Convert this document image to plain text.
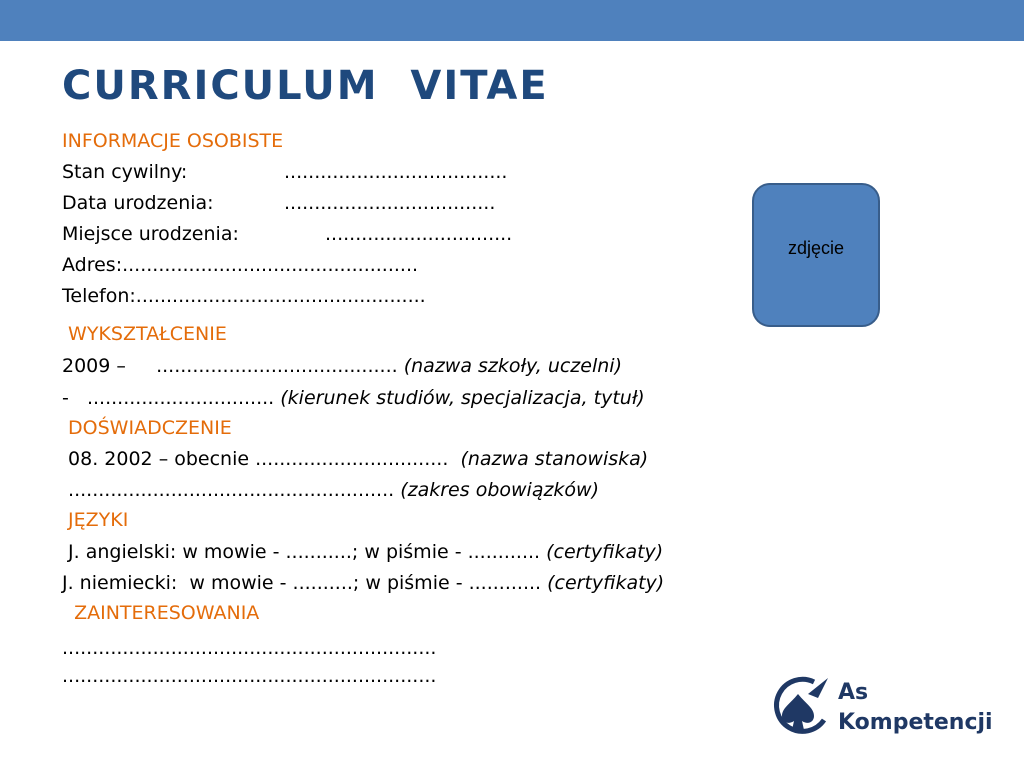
CURRICULUM  VITAE
INFORMACJE OSOBISTE
Stan cywilny:	.....................................
Data urodzenia:	...................................
Miejsce urodzenia:	...............................
Adres:.................................................
Telefon:................................................
zdjęcie
WYKSZTAŁCENIE
2009 –     ........................................ (nazwa szkoły, uczelni)
-   ............................... (kierunek studiów, specjalizacja, tytuł)
DOŚWIADCZENIE
08. 2002 – obecnie ................................  (nazwa stanowiska)
...................................................... (zakres obowiązków)
JĘZYKI
J. angielski: w mowie - ...........; w piśmie - ............ (certyfikaty)
J. niemiecki:  w mowie - ..........; w piśmie - ............ (certyfikaty)
ZAINTERESOWANIA
..............................................................
..............................................................
As
Kompetencji
